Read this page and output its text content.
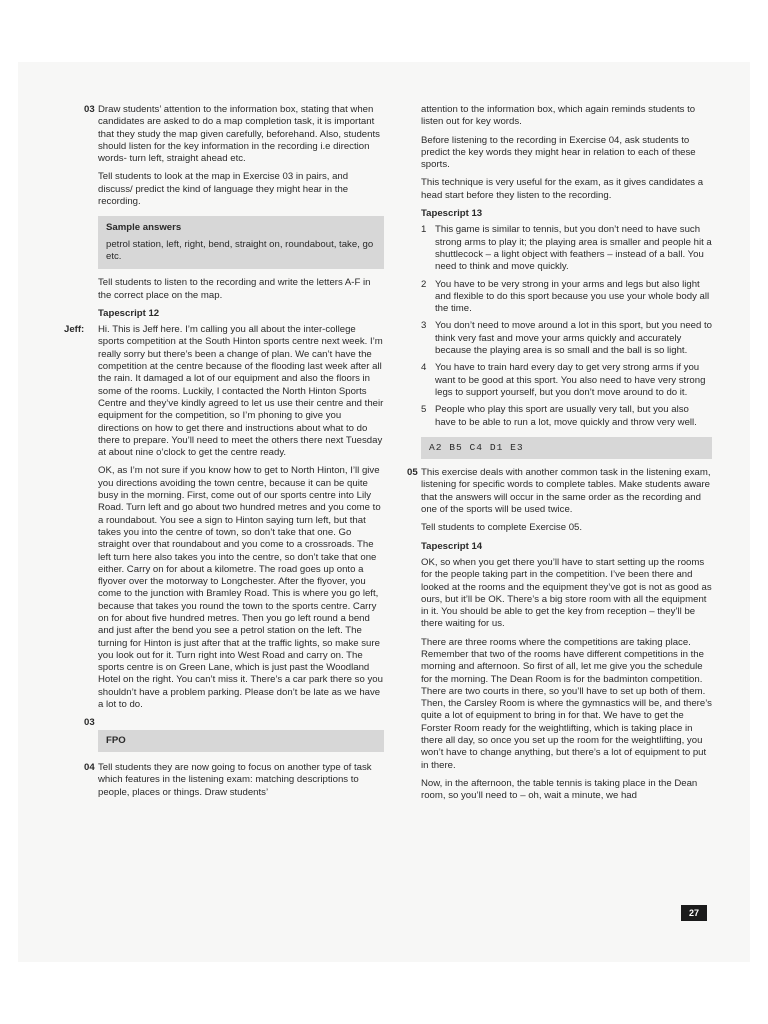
03 Draw students’ attention to the information box, stating that when candidates are asked to do a map completion task, it is important that they study the map given carefully, beforehand. Also, students should listen for the key information in the recording i.e direction words- turn left, straight ahead etc.

Tell students to look at the map in Exercise 03 in pairs, and discuss/ predict the kind of language they might hear in the recording.

Sample answers
petrol station, left, right, bend, straight on, roundabout, take, go etc.

Tell students to listen to the recording and write the letters A-F in the correct place on the map.

Tapescript 12
Jeff: Hi. This is Jeff here. I’m calling you all about the inter-college sports competition at the South Hinton sports centre next week. I’m really sorry but there’s been a change of plan. We can’t have the competition at the centre because of the flooding last week after all the rain. It damaged a lot of our equipment and also the floors in some of the rooms. Luckily, I contacted the North Hinton Sports Centre and they’ve kindly agreed to let us use their centre and their equipment for the competition, so I’m phoning to give you directions on how to get there and instructions about what to do there to prepare. You’ll need to meet the others there next Tuesday at about nine o’clock to get the centre ready.

OK, as I’m not sure if you know how to get to North Hinton, I’ll give you directions avoiding the town centre, because it can be quite busy in the morning. First, come out of our sports centre into Lily Road. Turn left and go about two hundred metres and you come to a roundabout. You see a sign to Hinton saying turn left, but that takes you into the centre of town, so don’t take that one. Go straight over that roundabout and you come to a crossroads. The left turn here also takes you into the centre, so don’t take that one either. Carry on for about a kilometre. The road goes up onto a flyover over the motorway to Longchester. After the flyover, you come to the junction with Bramley Road. This is where you go left, because that takes you round the town to the sports centre. Carry on for about five hundred metres. Then you go left round a bend and just after the bend you see a petrol station on the left. The turning for Hinton is just after that at the traffic lights, so make sure you look out for it. Turn right into West Road and carry on. The sports centre is on Green Lane, which is just past the Woodland Hotel on the right. You can’t miss it. There’s a car park there so you shouldn’t have a problem parking. Please don’t be late as we have a lot to do.

03
FPO
04 Tell students they are now going to focus on another type of task which features in the listening exam: matching descriptions to people, places or things. Draw students’

attention to the information box, which again reminds students to listen out for key words.

Before listening to the recording in Exercise 04, ask students to predict the key words they might hear in relation to each of these sports.

This technique is very useful for the exam, as it gives candidates a head start before they listen to the recording.

Tapescript 13
1 This game is similar to tennis, but you don’t need to have such strong arms to play it; the playing area is smaller and people hit a shuttlecock – a light object with feathers – instead of a ball. You need to think and move quickly.
2 You have to be very strong in your arms and legs but also light and flexible to do this sport because you use your whole body all the time.
3 You don’t need to move around a lot in this sport, but you need to think very fast and move your arms quickly and accurately because the playing area is so small and the ball is so light.
4 You have to train hard every day to get very strong arms if you want to be good at this sport. You also need to have very strong legs to support yourself, but you don’t move around to do it.
5 People who play this sport are usually very tall, but you also have to be able to run a lot, move quickly and throw very well.
A2 B5 C4 D1 E3
05 This exercise deals with another common task in the listening exam, listening for specific words to complete tables. Make students aware that the answers will occur in the same order as the recording and one of the sports will be used twice.

Tell students to complete Exercise 05.

Tapescript 14

OK, so when you get there you’ll have to start setting up the rooms for the people taking part in the competition. I’ve been there and looked at the rooms and the equipment they’ve got is not as good as ours, but it’ll be OK. There’s a big store room with all the equipment in it. You should be able to get the key from reception – they’ll be there waiting for us.

There are three rooms where the competitions are taking place. Remember that two of the rooms have different competitions in the morning and afternoon. So first of all, let me give you the schedule for the morning. The Dean Room is for the badminton competition. There are two courts in there, so you’ll have to set up both of them. Then, the Carsley Room is where the gymnastics will be, and there’s quite a lot of equipment to bring in for that. We have to get the Forster Room ready for the weightlifting, which is taking place in there all day, so once you set up the room for the weightlifting, you won’t have to change anything, but there’s a lot of equipment to put in there.

Now, in the afternoon, the table tennis is taking place in the Dean room, so you’ll need to – oh, wait a minute, we had

27
